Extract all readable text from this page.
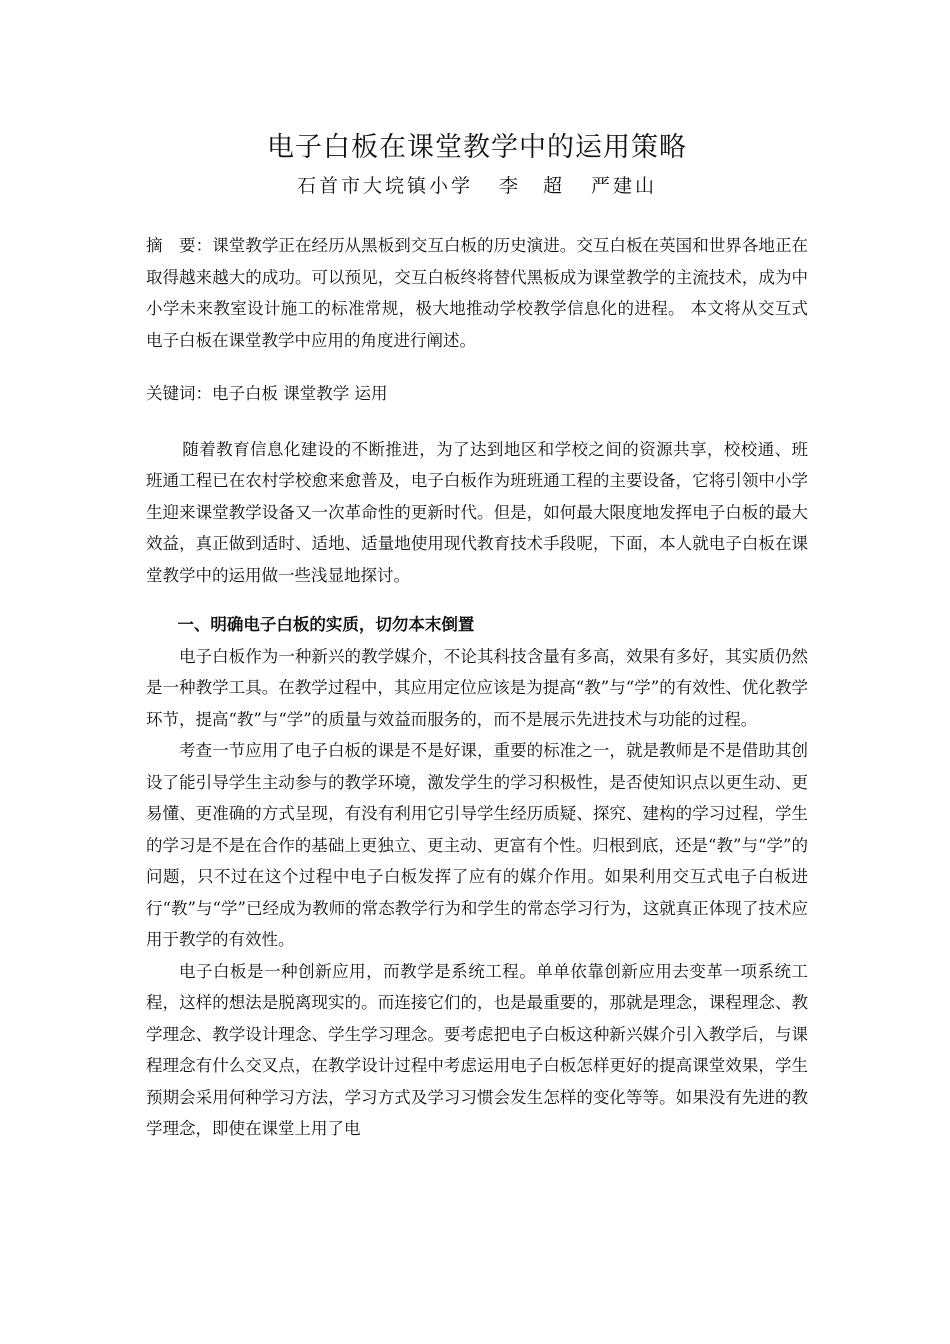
电子白板在课堂教学中的运用策略

石首市大垸镇小学 李　超 严建山

摘　要：课堂教学正在经历从黑板到交互白板的历史演进。交互白板在英国和世界各地正在取得越来越大的成功。可以预见，交互白板终将替代黑板成为课堂教学的主流技术，成为中小学未来教室设计施工的标准常规，极大地推动学校教学信息化的进程。 本文将从交互式电子白板在课堂教学中应用的角度进行阐述。

关键词：电子白板 课堂教学 运用

随着教育信息化建设的不断推进，为了达到地区和学校之间的资源共享，校校通、班班通工程已在农村学校愈来愈普及，电子白板作为班班通工程的主要设备，它将引领中小学生迎来课堂教学设备又一次革命性的更新时代。但是，如何最大限度地发挥电子白板的最大效益，真正做到适时、适地、适量地使用现代教育技术手段呢，下面，本人就电子白板在课堂教学中的运用做一些浅显地探讨。

一、明确电子白板的实质，切勿本末倒置

电子白板作为一种新兴的教学媒介，不论其科技含量有多高，效果有多好，其实质仍然是一种教学工具。在教学过程中，其应用定位应该是为提高“教”与“学”的有效性、优化教学环节，提高“教”与“学”的质量与效益而服务的，而不是展示先进技术与功能的过程。

考查一节应用了电子白板的课是不是好课，重要的标准之一，就是教师是不是借助其创设了能引导学生主动参与的教学环境，激发学生的学习积极性，是否使知识点以更生动、更易懂、更准确的方式呈现，有没有利用它引导学生经历质疑、探究、建构的学习过程，学生的学习是不是在合作的基础上更独立、更主动、更富有个性。归根到底，还是“教”与“学”的问题，只不过在这个过程中电子白板发挥了应有的媒介作用。如果利用交互式电子白板进行“教”与“学”已经成为教师的常态教学行为和学生的常态学习行为，这就真正体现了技术应用于教学的有效性。

电子白板是一种创新应用，而教学是系统工程。单单依靠创新应用去变革一项系统工程，这样的想法是脱离现实的。而连接它们的，也是最重要的，那就是理念，课程理念、教学理念、教学设计理念、学生学习理念。要考虑把电子白板这种新兴媒介引入教学后，与课程理念有什么交叉点，在教学设计过程中考虑运用电子白板怎样更好的提高课堂效果，学生预期会采用何种学习方法，学习方式及学习习惯会发生怎样的变化等等。如果没有先进的教学理念，即使在课堂上用了电
